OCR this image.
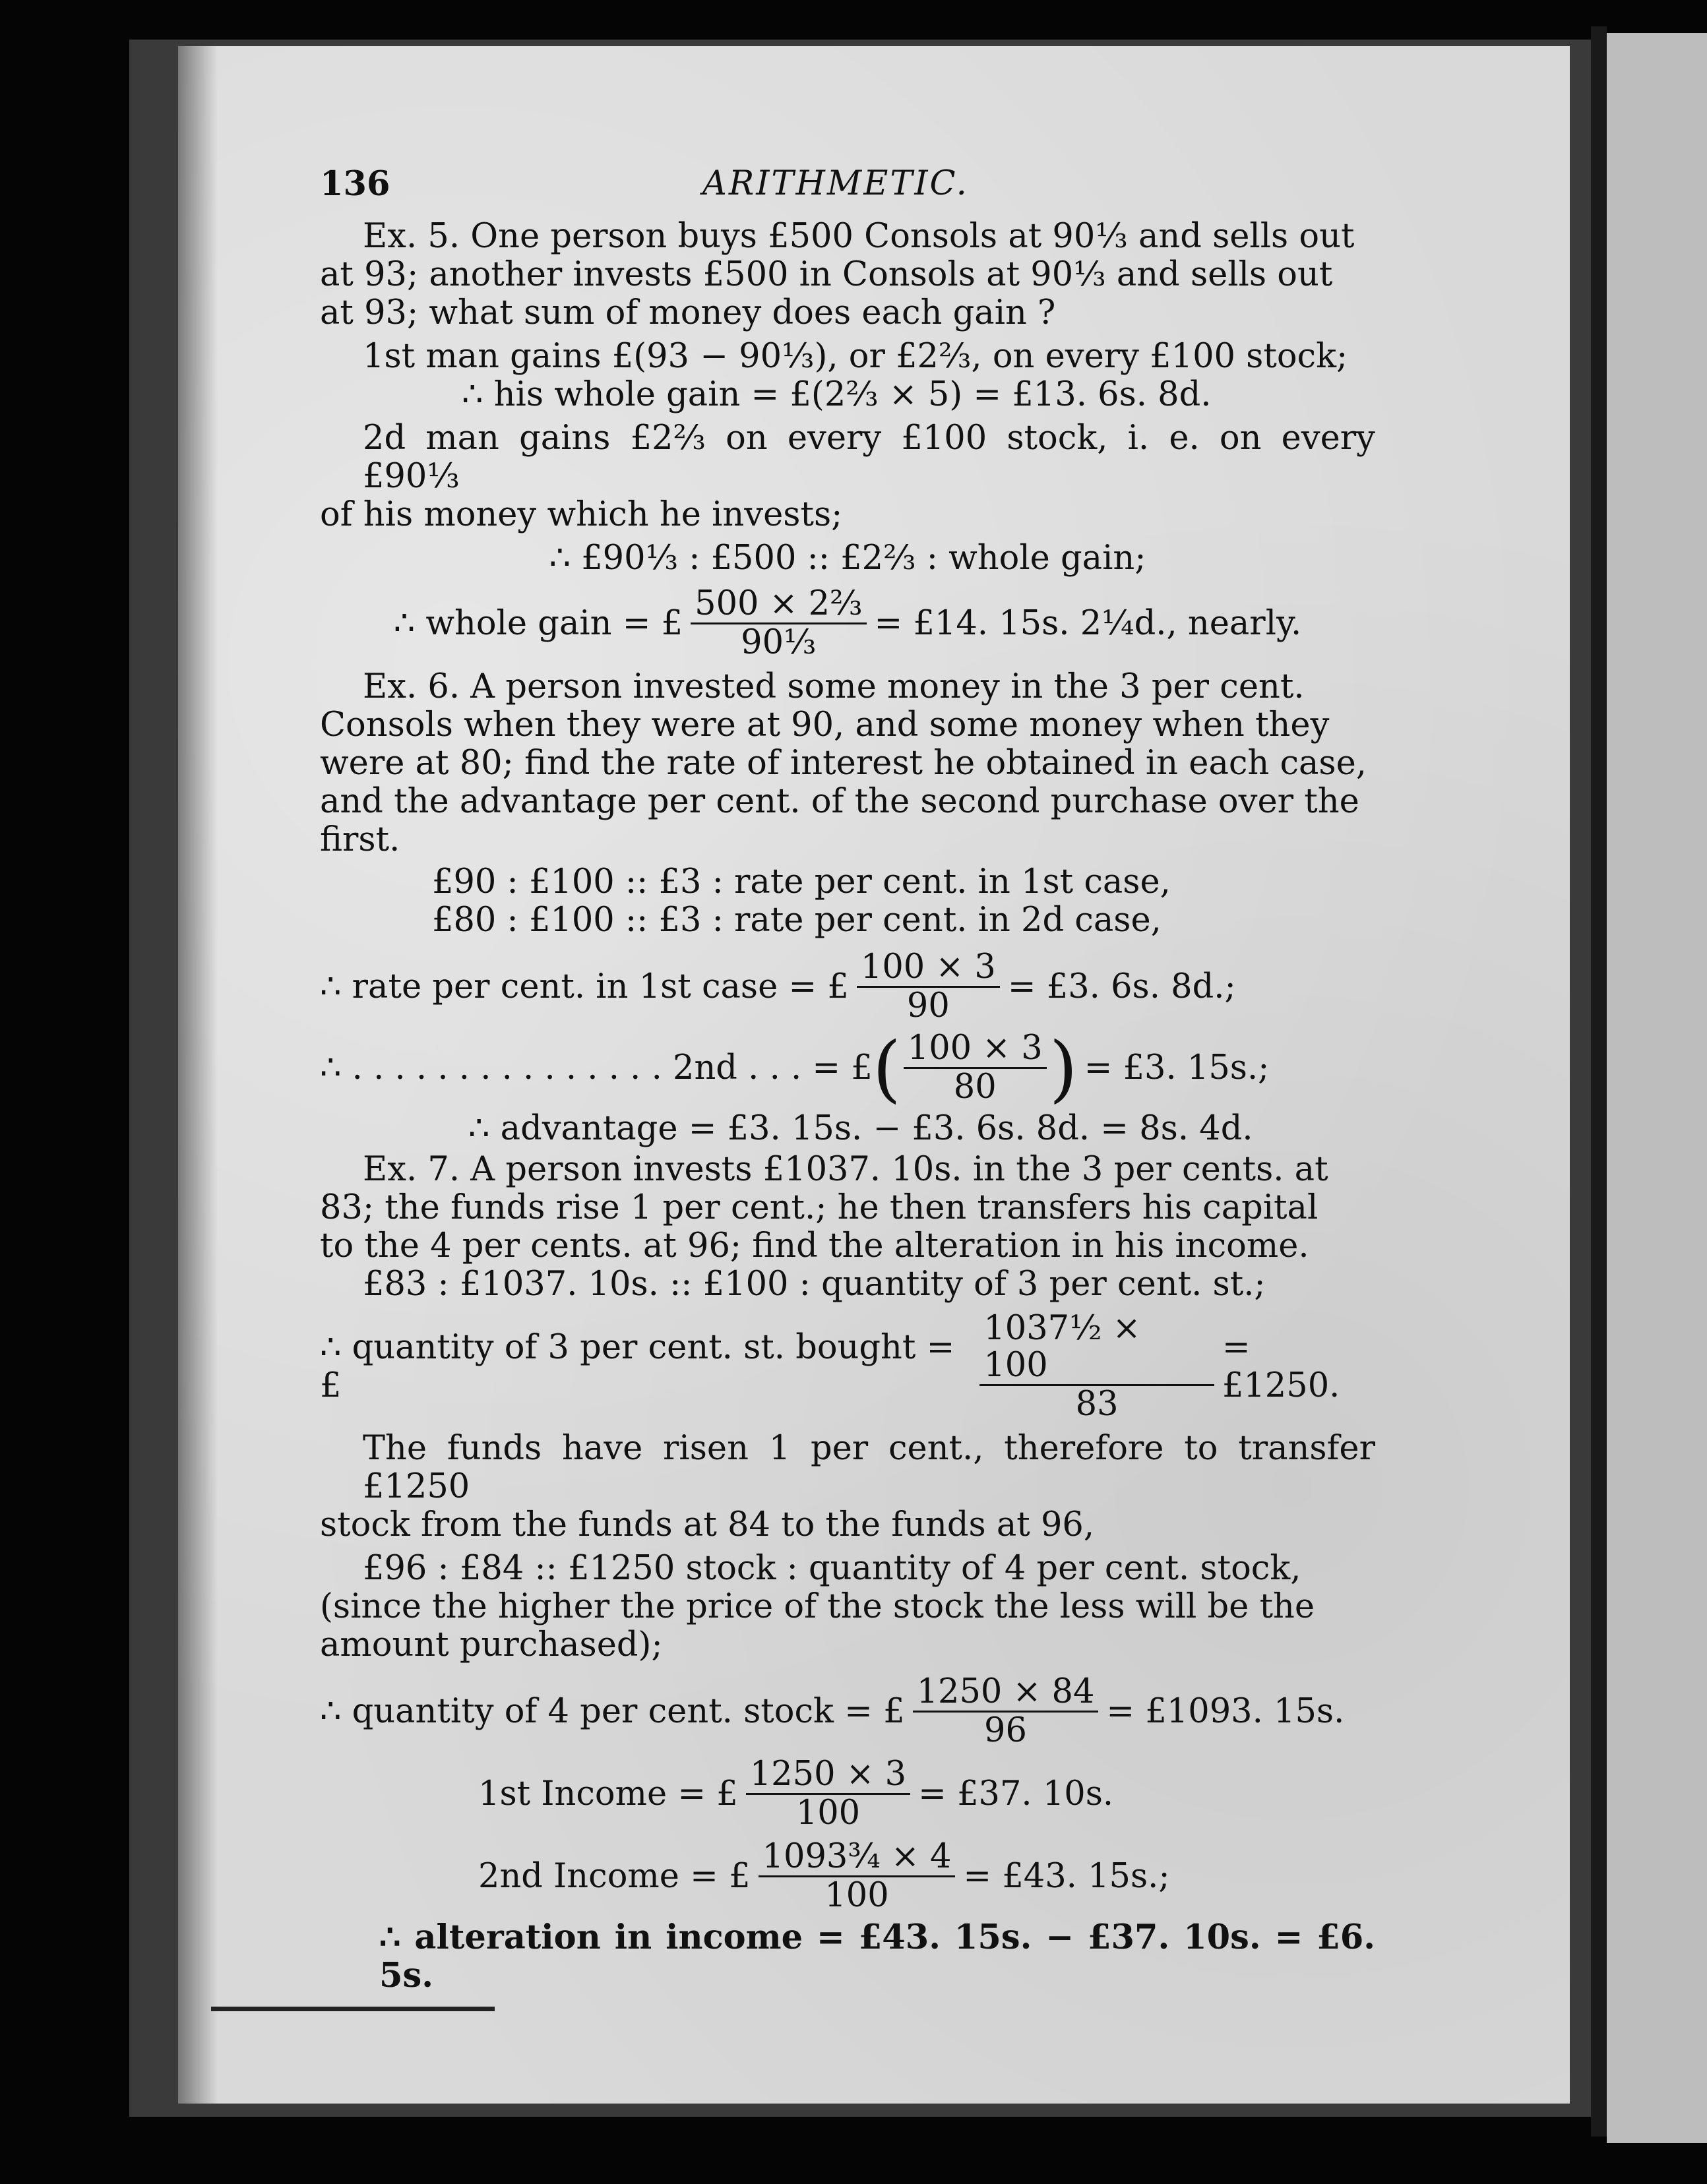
136	ARITHMETIC.
Ex. 5. One person buys £500 Consols at 90⅓ and sells out
at 93; another invests £500 in Consols at 90⅓ and sells out
at 93; what sum of money does each gain ?
1st man gains £(93 − 90⅓), or £2⅔, on every £100 stock;
∴ his whole gain = £(2⅔ × 5) = £13. 6s. 8d.
2d man gains £2⅔ on every £100 stock, i. e. on every £90⅓
of his money which he invests;
∴ £90⅓ : £500 :: £2⅔ : whole gain;
∴ whole gain = £ $\frac{\text{500 × 2⅔}}{\text{90⅓}}$ = £14. 15s. 2¼d., nearly.
Ex. 6. A person invested some money in the 3 per cent.
Consols when they were at 90, and some money when they
were at 80; find the rate of interest he obtained in each case,
and the advantage per cent. of the second purchase over the
first.
£90 : £100 :: £3 : rate per cent. in 1st case,
£80 : £100 :: £3 : rate per cent. in 2d case,
∴ rate per cent. in 1st case = £ $\frac{100 \times 3}{90}$ = £3. 6s. 8d.;
∴ . . . . . . . . . . . . . . . 2nd . . . = £ ( $\frac{100 \times 3}{80}$ ) = £3. 15s.;
∴ advantage = £3. 15s. − £3. 6s. 8d. = 8s. 4d.
Ex. 7. A person invests £1037. 10s. in the 3 per cents. at
83; the funds rise 1 per cent.; he then transfers his capital
to the 4 per cents. at 96; find the alteration in his income.
£83 : £1037. 10s. :: £100 : quantity of 3 per cent. st.;
∴ quantity of 3 per cent. st. bought = £	$\frac{\text{1037½ × 100}}{83}$ = £1250.
The funds have risen 1 per cent., therefore to transfer £1250
stock from the funds at 84 to the funds at 96,
£96 : £84 :: £1250 stock : quantity of 4 per cent. stock,
(since the higher the price of the stock the less will be the
amount purchased);
∴ quantity of 4 per cent. stock = £ $\frac{1250 \times 84}{96}$ = £1093. 15s.
1st Income = £ $\frac{1250 \times 3}{100}$ = £37. 10s.
2nd Income = £ $\frac{\text{1093¾ × 4}}{100}$ = £43. 15s.;
∴ alteration in income = £43. 15s. − £37. 10s. = £6. 5s.
